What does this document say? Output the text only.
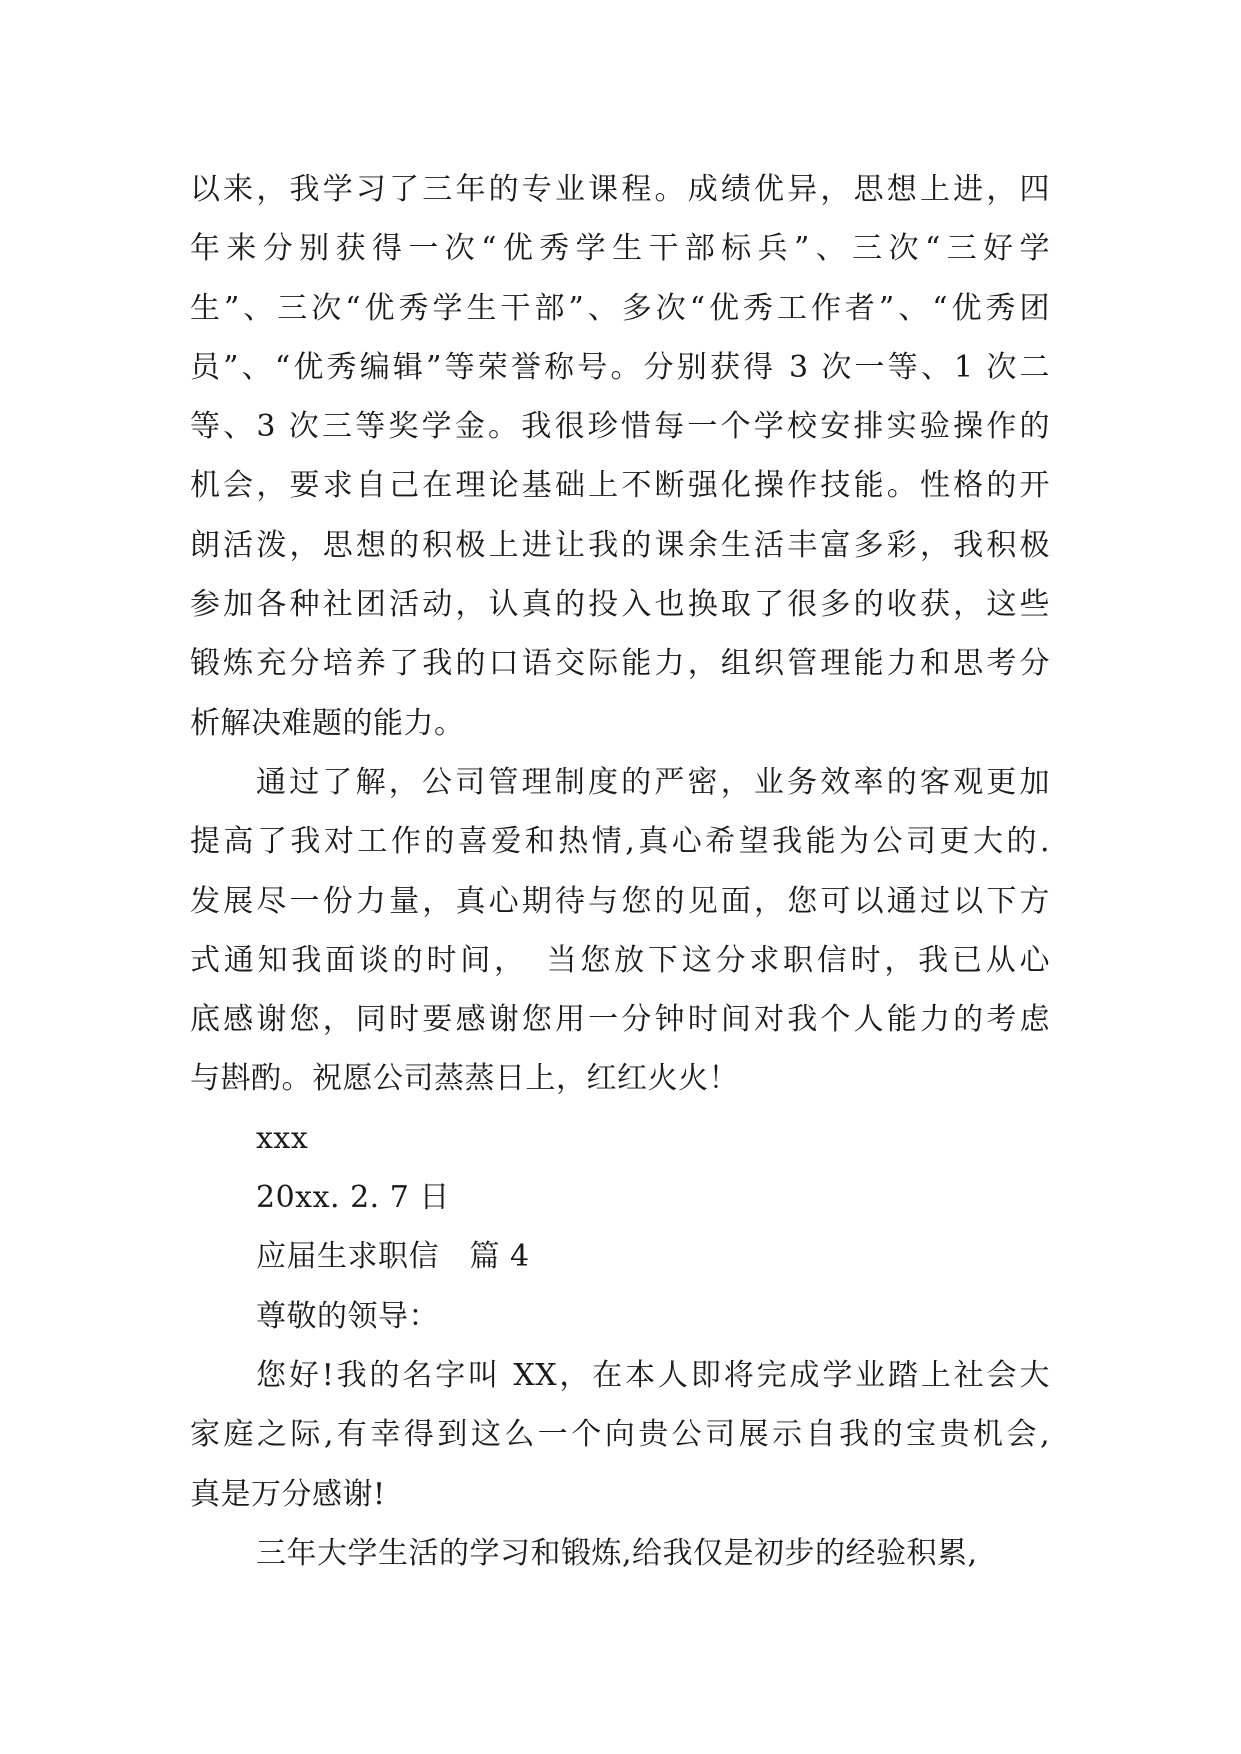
以来，我学习了三年的专业课程。成绩优异，思想上进，四
年来分别获得一次“优秀学生干部标兵”、三次“三好学
生”、三次“优秀学生干部”、多次“优秀工作者”、“优秀团
员”、“优秀编辑”等荣誉称号。分别获得 3 次一等、1 次二
等、3 次三等奖学金。我很珍惜每一个学校安排实验操作的
机会，要求自己在理论基础上不断强化操作技能。性格的开
朗活泼，思想的积极上进让我的课余生活丰富多彩，我积极
参加各种社团活动，认真的投入也换取了很多的收获，这些
锻炼充分培养了我的口语交际能力，组织管理能力和思考分
析解决难题的能力。
通过了解，公司管理制度的严密，业务效率的客观更加
提高了我对工作的喜爱和热情,真心希望我能为公司更大的.
发展尽一份力量，真心期待与您的见面，您可以通过以下方
式通知我面谈的时间，　当您放下这分求职信时，我已从心
底感谢您，同时要感谢您用一分钟时间对我个人能力的考虑
与斟酌。祝愿公司蒸蒸日上，红红火火！
xxx
20xx. 2. 7 日
应届生求职信　篇 4
尊敬的领导：
您好!我的名字叫 XX，在本人即将完成学业踏上社会大
家庭之际,有幸得到这么一个向贵公司展示自我的宝贵机会,
真是万分感谢!
三年大学生活的学习和锻炼,给我仅是初步的经验积累,
